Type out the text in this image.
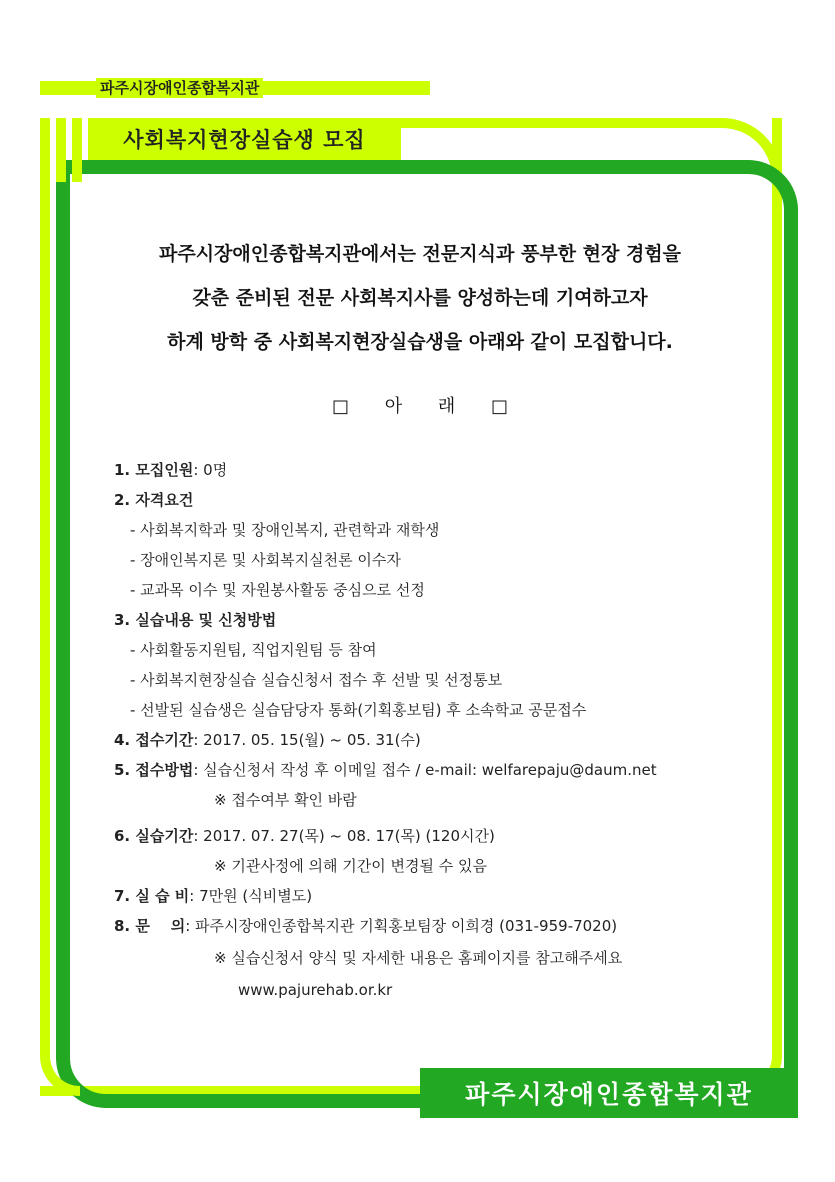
파주시장애인종합복지관
사회복지현장실습생 모집
파주시장애인종합복지관에서는 전문지식과 풍부한 현장 경험을
갖춘 준비된 전문 사회복지사를 양성하는데 기여하고자
하계 방학 중 사회복지현장실습생을 아래와 같이 모집합니다.
□ 아 래 □
1. 모집인원: 0명
2. 자격요건
- 사회복지학과 및 장애인복지, 관련학과 재학생
- 장애인복지론 및 사회복지실천론 이수자
- 교과목 이수 및 자원봉사활동 중심으로 선정
3. 실습내용 및 신청방법
- 사회활동지원팀, 직업지원팀 등 참여
- 사회복지현장실습 실습신청서 접수 후 선발 및 선정통보
- 선발된 실습생은 실습담당자 통화(기획홍보팀) 후 소속학교 공문접수
4. 접수기간: 2017. 05. 15(월) ~ 05. 31(수)
5. 접수방법: 실습신청서 작성 후 이메일 접수 / e-mail: welfarepaju@daum.net
※ 접수여부 확인 바람
6. 실습기간: 2017. 07. 27(목) ~ 08. 17(목) (120시간)
※ 기관사정에 의해 기간이 변경될 수 있음
7. 실 습 비: 7만원 (식비별도)
8. 문    의: 파주시장애인종합복지관 기획홍보팀장 이희경 (031-959-7020)
※ 실습신청서 양식 및 자세한 내용은 홈페이지를 참고해주세요
www.pajurehab.or.kr
파주시장애인종합복지관
